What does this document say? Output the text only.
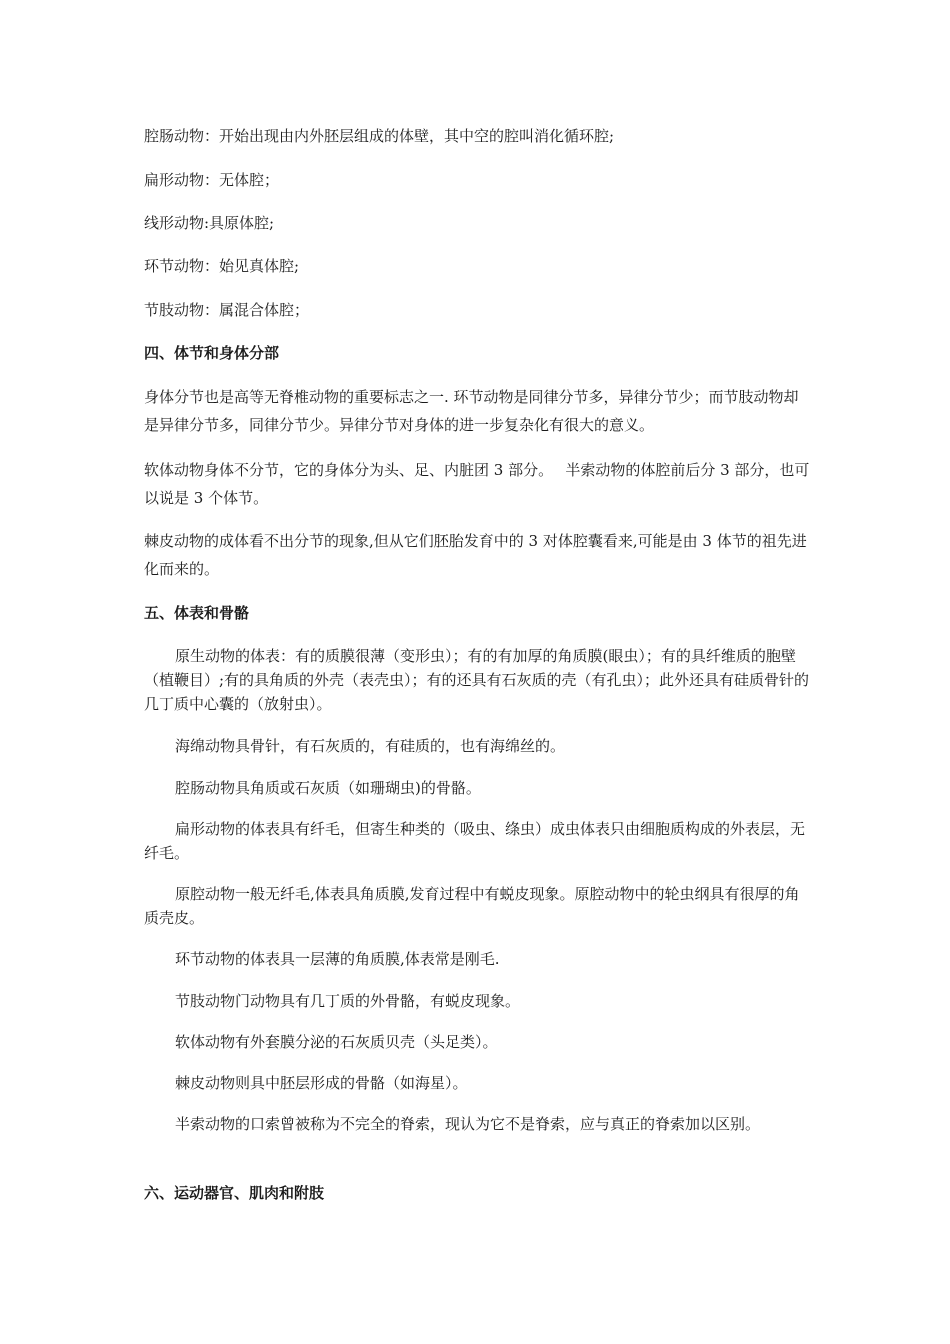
腔肠动物：开始出现由内外胚层组成的体壁，其中空的腔叫消化循环腔;
扁形动物：无体腔；
线形动物:具原体腔;
环节动物：始见真体腔;
节肢动物：属混合体腔；
四、体节和身体分部
身体分节也是高等无脊椎动物的重要标志之一. 环节动物是同律分节多，异律分节少；而节肢动物却是异律分节多，同律分节少。异律分节对身体的进一步复杂化有很大的意义。
软体动物身体不分节，它的身体分为头、足、内脏团 3 部分。　 半索动物的体腔前后分 3 部分，也可以说是 3 个体节。
棘皮动物的成体看不出分节的现象,但从它们胚胎发育中的 3 对体腔囊看来,可能是由 3 体节的祖先进化而来的。
五、体表和骨骼
原生动物的体表：有的质膜很薄（变形虫）；有的有加厚的角质膜(眼虫）；有的具纤维质的胞壁（植鞭目）;有的具角质的外壳（表壳虫）；有的还具有石灰质的壳（有孔虫）；此外还具有硅质骨针的几丁质中心囊的（放射虫）。
海绵动物具骨针，有石灰质的，有硅质的，也有海绵丝的。
腔肠动物具角质或石灰质（如珊瑚虫)的骨骼。
扁形动物的体表具有纤毛，但寄生种类的（吸虫、绦虫）成虫体表只由细胞质构成的外表层，无纤毛。
原腔动物一般无纤毛,体表具角质膜,发育过程中有蜕皮现象。原腔动物中的轮虫纲具有很厚的角质壳皮。
环节动物的体表具一层薄的角质膜,体表常是刚毛.
节肢动物门动物具有几丁质的外骨骼，有蜕皮现象。
软体动物有外套膜分泌的石灰质贝壳（头足类）。
棘皮动物则具中胚层形成的骨骼（如海星）。
半索动物的口索曾被称为不完全的脊索，现认为它不是脊索，应与真正的脊索加以区别。
六、运动器官、肌肉和附肢
